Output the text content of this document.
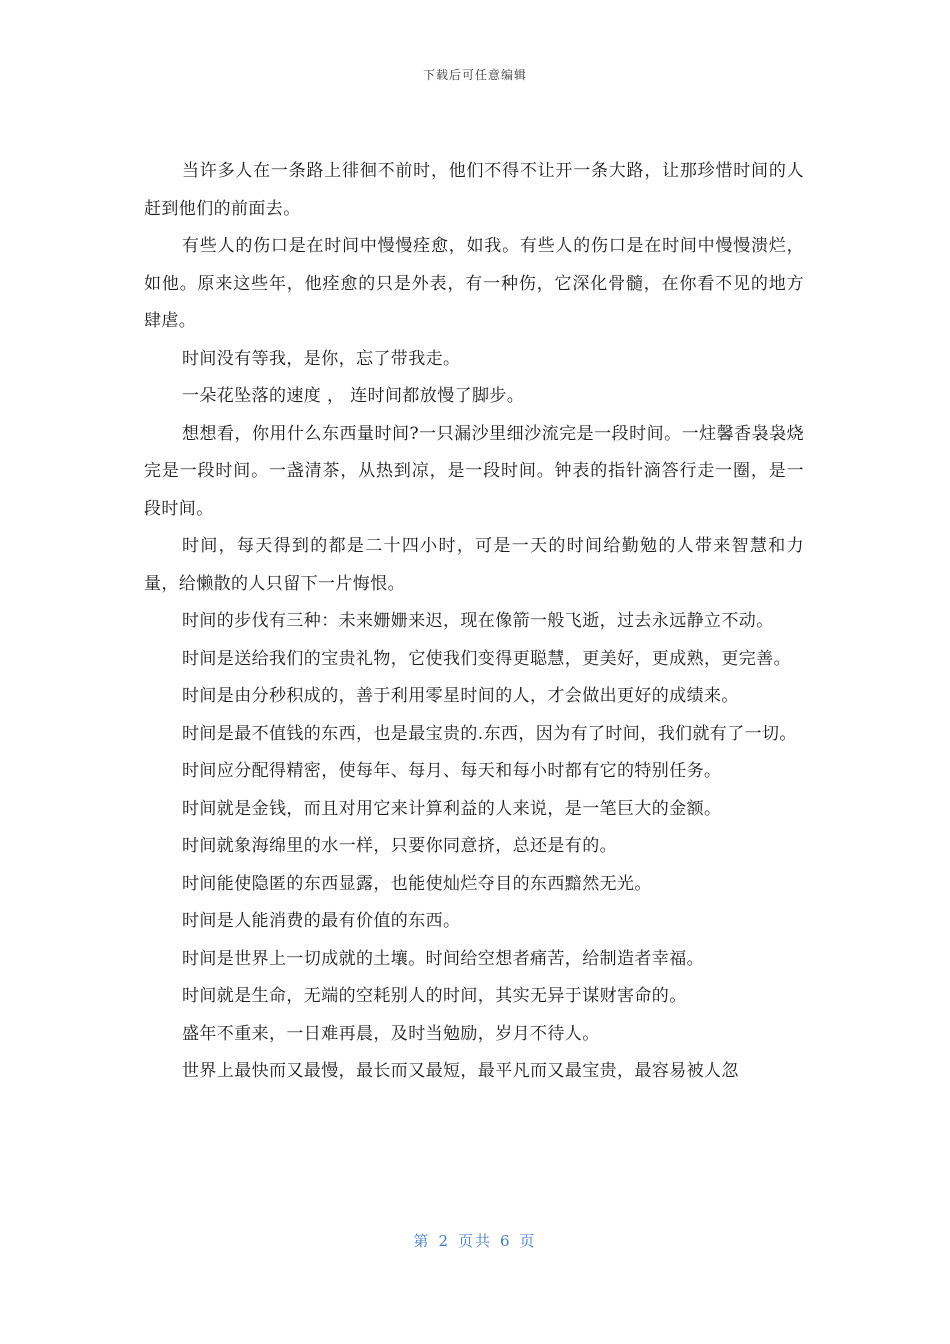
下载后可任意编辑

当许多人在一条路上徘徊不前时，他们不得不让开一条大路，让那珍惜时间的人赶到他们的前面去。

有些人的伤口是在时间中慢慢痊愈，如我。有些人的伤口是在时间中慢慢溃烂，如他。原来这些年，他痊愈的只是外表，有一种伤，它深化骨髓，在你看不见的地方肆虐。

时间没有等我，是你，忘了带我走。

一朵花坠落的速度 ， 连时间都放慢了脚步。

想想看，你用什么东西量时间?一只漏沙里细沙流完是一段时间。一炷馨香袅袅烧完是一段时间。一盏清茶，从热到凉，是一段时间。钟表的指针滴答行走一圈，是一段时间。

时间，每天得到的都是二十四小时，可是一天的时间给勤勉的人带来智慧和力量，给懒散的人只留下一片悔恨。

时间的步伐有三种：未来姗姗来迟，现在像箭一般飞逝，过去永远静立不动。

时间是送给我们的宝贵礼物，它使我们变得更聪慧，更美好，更成熟，更完善。

时间是由分秒积成的，善于利用零星时间的人，才会做出更好的成绩来。

时间是最不值钱的东西，也是最宝贵的.东西，因为有了时间，我们就有了一切。

时间应分配得精密，使每年、每月、每天和每小时都有它的特别任务。

时间就是金钱，而且对用它来计算利益的人来说，是一笔巨大的金额。

时间就象海绵里的水一样，只要你同意挤，总还是有的。

时间能使隐匿的东西显露，也能使灿烂夺目的东西黯然无光。

时间是人能消费的最有价值的东西。

时间是世界上一切成就的土壤。时间给空想者痛苦，给制造者幸福。

时间就是生命，无端的空耗别人的时间，其实无异于谋财害命的。

盛年不重来，一日难再晨，及时当勉励，岁月不待人。

世界上最快而又最慢，最长而又最短，最平凡而又最宝贵，最容易被人忽

第 2 页共 6 页
